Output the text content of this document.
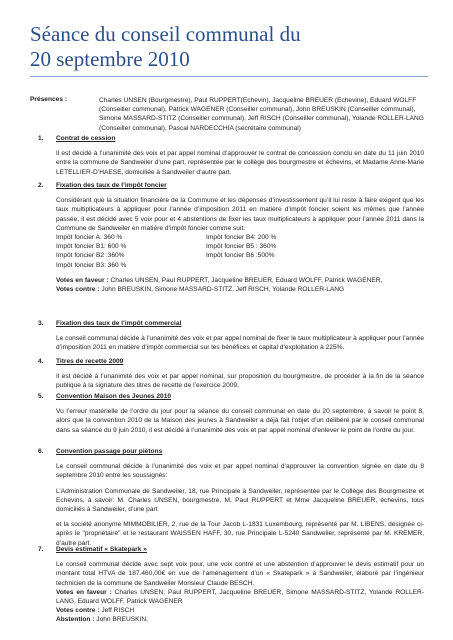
Séance du conseil communal du
20 septembre 2010
Présences :	Charles UNSEN (Bourgmestre), Paul RUPPERT(Echevin), Jacqueline BREUER (Echevine), Eduard WOLFF (Conseiller communal), Patrick WAGENER (Conseiller communal), John BREUSKIN (Conseiller communal), Simone MASSARD-STITZ (Conseiller communal), Jeff RISCH (Conseiller communal), Yolande ROLLER-LANG (Conseiller communal), Pascal NARDECCHIA (secrétaire communal)
1. Contrat de cession
Il est décidé à l’unanimité des voix et par appel nominal d’approuver le contrat de concession conclu en date du 11 juin 2010 entre la commune de Sandweiler d’une part, représentée par le collège des bourgmestre et échevins, et Madame Anne-Marie LETELLIER-D’HAESE, domiciliée à Sandweiler d’autre part.
2. Fixation des taux de l’impôt foncier
Considérant que la situation financière de la Commune et les dépenses d’investissement qu’il lui reste à faire exigent que les taux multiplicateurs à appliquer pour l’année d’imposition 2011 en matière d’impôt foncier soient les mêmes que l’année passée, il est décidé avec 5 voix pour et 4 abstentions de fixer les taux multiplicateurs à appliquer pour l’année 2011 dans la Commune de Sandweiler en matière d’impôt foncier comme suit:
Impôt foncier A: 360 %	Impôt foncier B4: 200 %
Impôt foncier B1: 600 %	Impôt foncier B5 : 360%
Impôt foncier B2 :360%	Impôt foncier B6 :500%
Impôt foncier B3: 360 %
Votes en faveur : Charles UNSEN, Paul RUPPERT, Jacqueline BREUER, Eduard WOLFF, Patrick WAGENER,
Votes contre : John BREUSKIN, Simone MASSARD-STITZ, Jeff RISCH, Yolande ROLLER-LANG
3. Fixation des taux de l’impôt commercial
Le conseil communal décide à l’unanimité des voix et par appel nominal de fixer le taux multiplicateur à appliquer pour l’année d’imposition 2011 en matière d’impôt commercial sur les bénéfices et capital d’exploitation à 225%.
4. Titres de recette 2009
Il est décidé à l’unanimité des voix et par appel nominal, sur proposition du bourgmestre, de procéder à la fin de la séance publique à la signature des titres de recette de l’exercice 2009.
5. Convention Maison des Jeunes 2010
Vu l’erreur matérielle de l’ordre du jour pour la séance du conseil communal en date du 20 septembre, à savoir le point 8, alors que la convention 2010 de la Maison des jeunes à Sandweiler a déjà fait l’objet d’un délibéré par le conseil communal dans sa séance du 9 juin 2010, il est décidé à l’unanimité des voix et par appel nominal d’enlever le point de l’ordre du jour.
6. Convention passage pour piétons
Le conseil communal décide à l’unanimité des voix et par appel nominal d’approuver la convention signée en date du 8 septembre 2010 entre les soussignés:
L’Administration Communale de Sandweiler, 18, rue Principale à Sandweiler, représentée par le Collège des Bourgmestre et Echevins, à savoir: M. Charles UNSEN, bourgmestre, M. Paul RUPPERT et Mme Jacqueline BREUER, échevins, tous domiciliés à Sandweiler, d’une part
et la société anonyme MIMMOBILIER, 2, rue de la Tour Jacob L-1831 Luxembourg, représenté par M. LIBENS, désignée ci-après le "propriétaire" et le restaurant WAISSEN HAFF, 30, rue Principale L-5240 Sandweiler, représenté par M. KREMER, d’autre part.
7. Devis estimatif « Skatepark »
Le conseil communal décide avec sept voix pour, une voix contre et une abstention d’approuver le devis estimatif pour un montant total HTVA de 187.460,00€ en vue de l’aménagement d’un « Skatepark » à Sandweiler, élaboré par l’ingénieur technicien de la commune de Sandweiler Monsieur Claude BESCH.
Votes en faveur : Charles UNSEN, Paul RUPPERT, Jacqueline BREUER, Simone MASSARD-STITZ, Yolande ROLLER-LANG, Eduard WOLFF, Patrick WAGENER
Votes contre : Jeff RISCH
Abstention : John BREUSKIN,
